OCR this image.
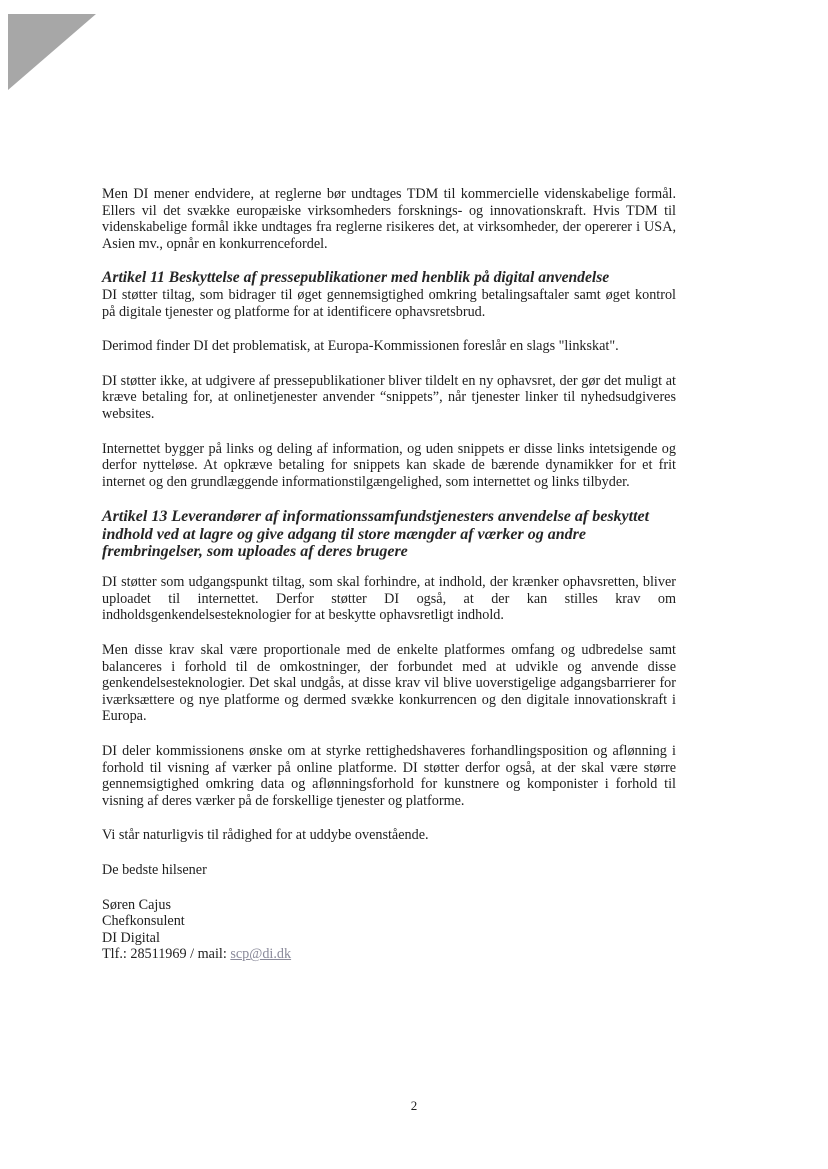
Men DI mener endvidere, at reglerne bør undtages TDM til kommercielle videnskabelige formål. Ellers vil det svække europæiske virksomheders forsknings- og innovationskraft. Hvis TDM til videnskabelige formål ikke undtages fra reglerne risikeres det, at virksomheder, der opererer i USA, Asien mv., opnår en konkurrencefordel.

Artikel 11 Beskyttelse af pressepublikationer med henblik på digital anvendelse

DI støtter tiltag, som bidrager til øget gennemsigtighed omkring betalingsaftaler samt øget kontrol på digitale tjenester og platforme for at identificere ophavsretsbrud.

Derimod finder DI det problematisk, at Europa-Kommissionen foreslår en slags "linkskat".

DI støtter ikke, at udgivere af pressepublikationer bliver tildelt en ny ophavsret, der gør det muligt at kræve betaling for, at onlinetjenester anvender “snippets”, når tjenester linker til nyhedsudgiveres websites.

Internettet bygger på links og deling af information, og uden snippets er disse links intetsigende og derfor nytteløse. At opkræve betaling for snippets kan skade de bærende dynamikker for et frit internet og den grundlæggende informationstilgængelighed, som internettet og links tilbyder.

Artikel 13 Leverandører af informationssamfundstjenesters anvendelse af beskyttet indhold ved at lagre og give adgang til store mængder af værker og andre frembringelser, som uploades af deres brugere

DI støtter som udgangspunkt tiltag, som skal forhindre, at indhold, der krænker ophavsretten, bliver uploadet til internettet. Derfor støtter DI også, at der kan stilles krav om indholdsgenkendelsesteknologier for at beskytte ophavsretligt indhold.

Men disse krav skal være proportionale med de enkelte platformes omfang og udbredelse samt balanceres i forhold til de omkostninger, der forbundet med at udvikle og anvende disse genkendelsesteknologier. Det skal undgås, at disse krav vil blive uoverstigelige adgangsbarrierer for iværksættere og nye platforme og dermed svække konkurrencen og den digitale innovationskraft i Europa.

DI deler kommissionens ønske om at styrke rettighedshaveres forhandlingsposition og aflønning i forhold til visning af værker på online platforme. DI støtter derfor også, at der skal være større gennemsigtighed omkring data og aflønningsforhold for kunstnere og komponister i forhold til visning af deres værker på de forskellige tjenester og platforme.

Vi står naturligvis til rådighed for at uddybe ovenstående.

De bedste hilsener

Søren Cajus
Chefkonsulent
DI Digital
Tlf.: 28511969 / mail: scp@di.dk
2
